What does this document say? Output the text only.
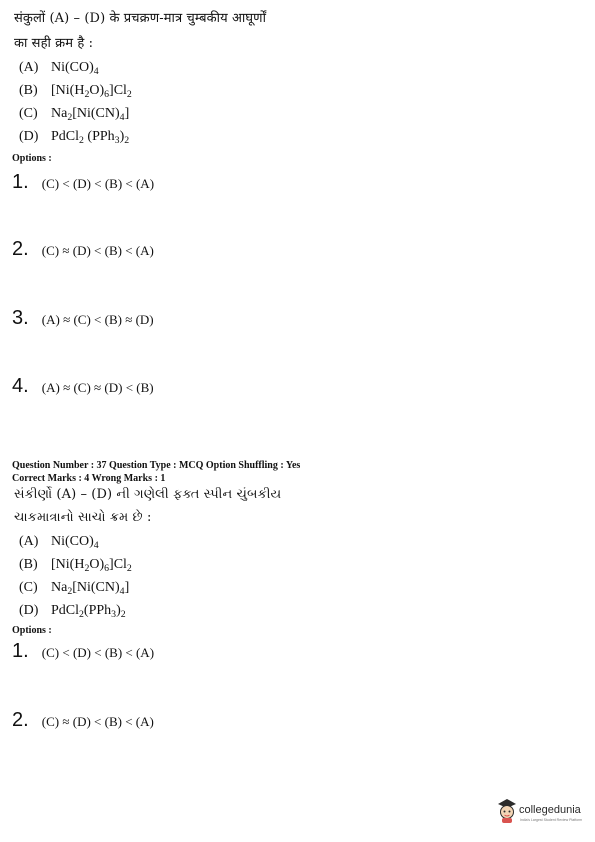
संकुलों (A) – (D) के प्रचक्रण-मात्र चुम्बकीय आघूर्णों
का सही क्रम है :
(A) $Ni(CO)_4$
(B) $[Ni(H_2O)_6]Cl_2$
(C) $Na_2[Ni(CN)_4]$
(D) PdCl$_2$ $(PPh_3)_2$
Options :
1. (C) < (D) < (B) < (A)
2. (C) ≈ (D) < (B) < (A)
3. (A) ≈ (C) < (B) ≈ (D)
4. (A) ≈ (C) ≈ (D) < (B)
Question Number : 37 Question Type : MCQ Option Shuffling : Yes
Correct Marks : 4 Wrong Marks : 1
સંકીર્ણો (A) – (D) ની ગણેલી ફક્ત સ્પીન ચુંબકીય
ચાકમાત્રાનો સાચો ક્રમ છે :
(A) $Ni(CO)_4$
(B) $[Ni(H_2O)_6]Cl_2$
(C) $Na_2[Ni(CN)_4]$
(D) $PdCl_2(PPh_3)_2$
Options :
1. (C) < (D) < (B) < (A)
2. (C) ≈ (D) < (B) < (A)
collegedunia
India's Largest Student Review Platform
